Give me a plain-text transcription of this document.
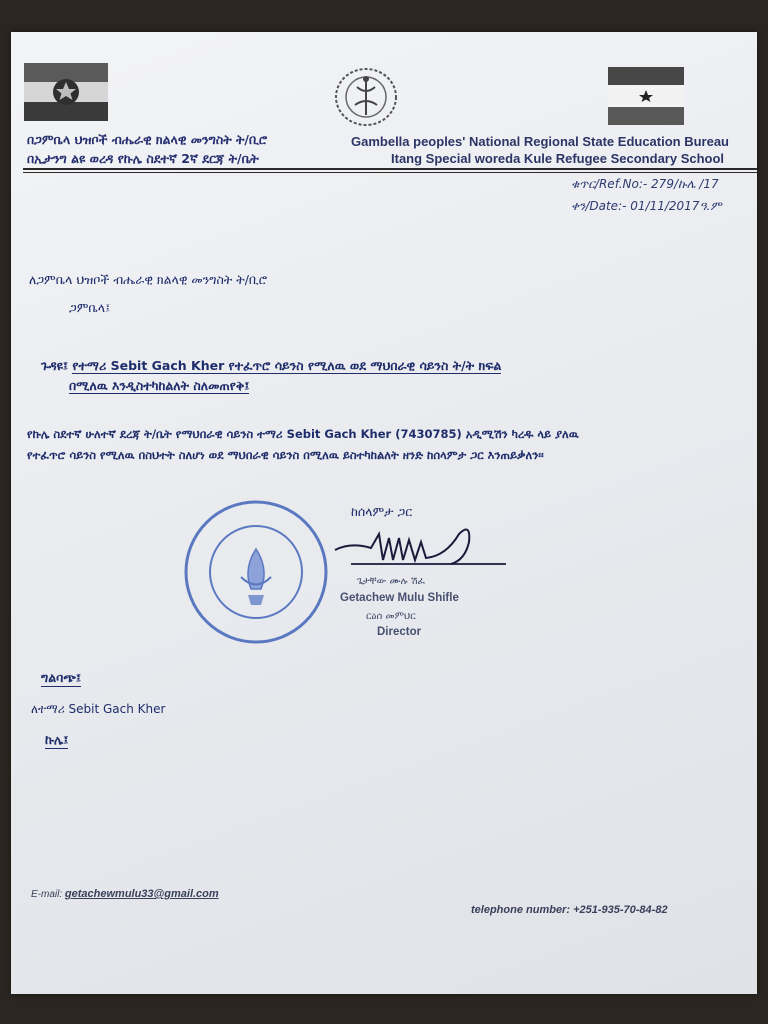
በጋምቤላ ህዝቦች ብሔራዊ ክልላዊ መንግስት ት/ቢሮ
በኢታንግ ልዩ ወረዳ የኩሌ ስደተኛ 2ኛ ደርጃ ት/ቤት
Gambella peoples' National Regional State Education Bureau
Itang Special woreda Kule Refugee Secondary School
ቁጥር/Ref.No:- 279/ኩሌ /17
ቀን/Date:- 01/11/2017ዓ.ም
ለጋምቤላ ህዝቦች ብሔራዊ ክልላዊ መንግስት ት/ቢሮ
ጋምቤላ፤
ጉዳዩ፤ የተማሪ Sebit Gach Kher የተፈጥሮ ሳይንስ የሚለዉ ወደ ማህበራዊ ሳይንስ ት/ት ክፍል
በሚለዉ እንዲስተካከልለት ስለመጠየቅ፤
የኩሌ ስደተኛ ሁለተኛ ደረጃ ት/ቤት የማህበራዊ ሳይንስ ተማሪ Sebit Gach Kher (7430785) አዲሚሽን ካረዱ ላይ ያለዉ
የተፈጥሮ ሳይንስ የሚለዉ በስህተት ስለሆነ ወደ ማህበራዊ ሳይንስ በሚለዉ ይስተካከልለት ዘንድ ከሰላምታ ጋር እንጠይቃለን፡፡
ከሰላምታ ጋር
ጌታቸው ሙሉ ሽፈ
Getachew Mulu Shifle
ርዕሰ መምህር
Director
ግልባጭ፤
ለተማሪ Sebit Gach Kher
ኩሌ፤
E-mail: getachewmulu33@gmail.com
telephone number: +251-935-70-84-82
